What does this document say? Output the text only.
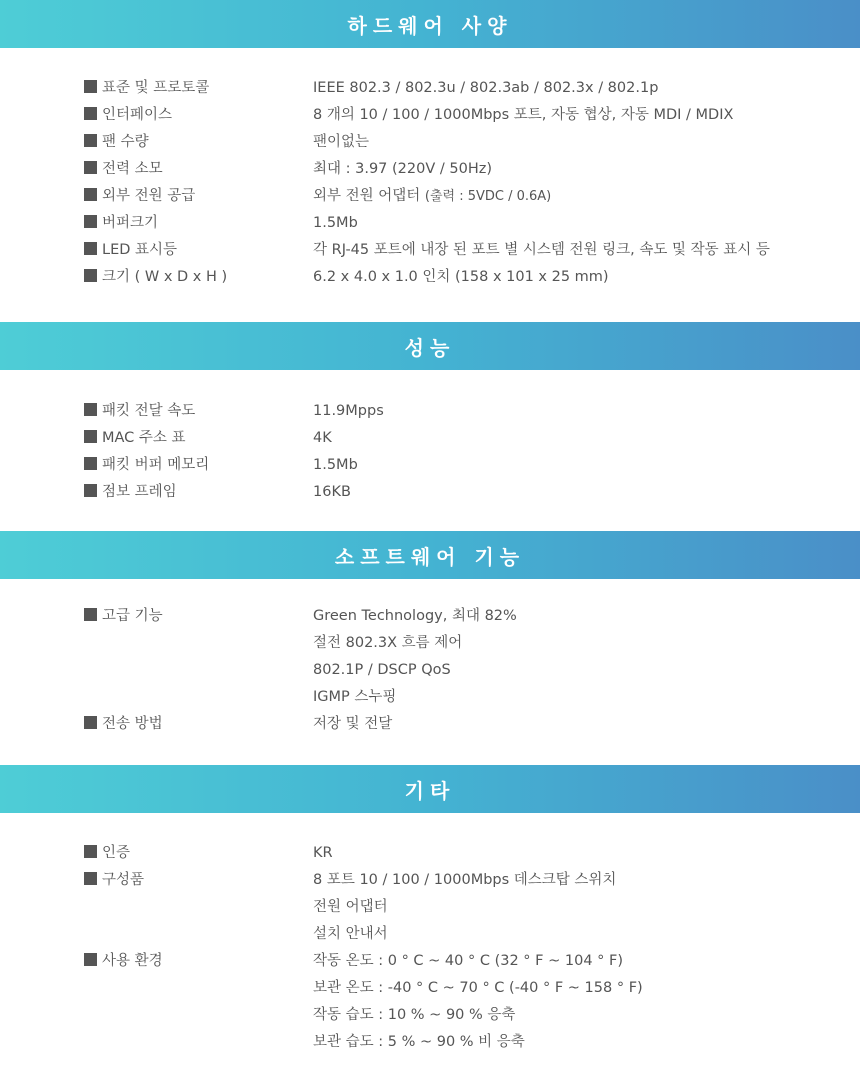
하드웨어 사양
표준 및 프로토콜	IEEE 802.3 / 802.3u / 802.3ab / 802.3x / 802.1p
인터페이스	8 개의 10 / 100 / 1000Mbps 포트, 자동 협상, 자동 MDI / MDIX
팬 수량	팬이없는
전력 소모	최대 : 3.97 (220V / 50Hz)
외부 전원 공급	외부 전원 어댑터 (출력 : 5VDC / 0.6A)
버퍼크기	1.5Mb
LED 표시등	각 RJ-45 포트에 내장 된 포트 별 시스템 전원 링크, 속도 및 작동 표시 등
크기 ( W x D x H )	6.2 x 4.0 x 1.0 인치 (158 x 101 x 25 mm)
성능
패킷 전달 속도	11.9Mpps
MAC 주소 표	4K
패킷 버퍼 메모리	1.5Mb
점보 프레임	16KB
소프트웨어 기능
고급 기능	Green Technology, 최대 82%
절전 802.3X 흐름 제어
802.1P / DSCP QoS
IGMP 스누핑
전송 방법	저장 및 전달
기타
인증	KR
구성품	8 포트 10 / 100 / 1000Mbps 데스크탑 스위치
전원 어댑터
설치 안내서
사용 환경	작동 온도 : 0 ° C ~ 40 ° C (32 ° F ~ 104 ° F)
보관 온도 : -40 ° C ~ 70 ° C (-40 ° F ~ 158 ° F)
작동 습도 : 10 % ~ 90 % 응축
보관 습도 : 5 % ~ 90 % 비 응축
